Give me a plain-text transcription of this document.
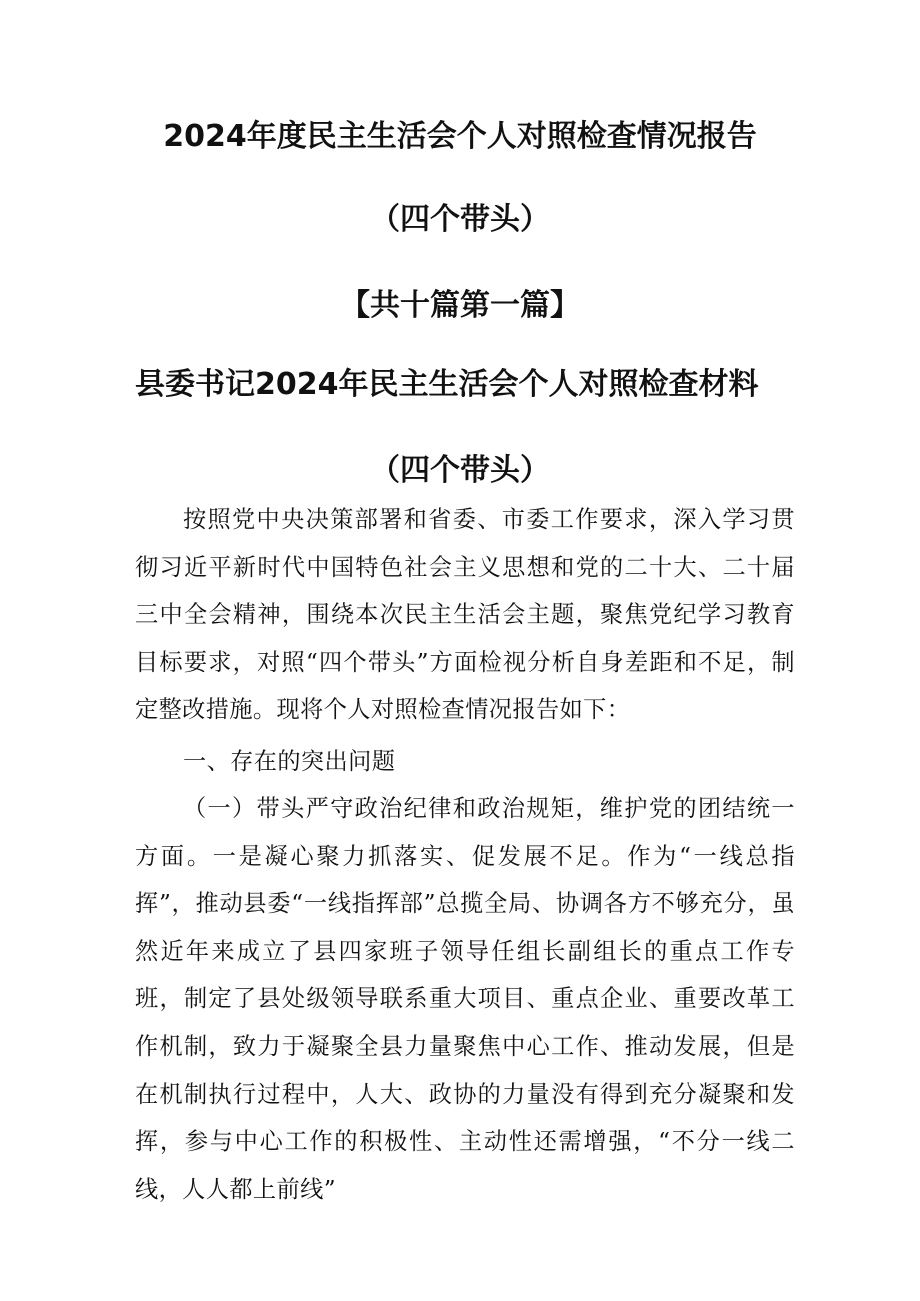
2024年度民主生活会个人对照检查情况报告
（四个带头）
【共十篇第一篇】
县委书记2024年民主生活会个人对照检查材料
（四个带头）

按照党中央决策部署和省委、市委工作要求，深入学习贯彻习近平新时代中国特色社会主义思想和党的二十大、二十届三中全会精神，围绕本次民主生活会主题，聚焦党纪学习教育目标要求，对照“四个带头”方面检视分析自身差距和不足，制定整改措施。现将个人对照检查情况报告如下：

一、存在的突出问题

（一）带头严守政治纪律和政治规矩，维护党的团结统一方面。一是凝心聚力抓落实、促发展不足。作为“一线总指挥”，推动县委“一线指挥部”总揽全局、协调各方不够充分，虽然近年来成立了县四家班子领导任组长副组长的重点工作专班，制定了县处级领导联系重大项目、重点企业、重要改革工作机制，致力于凝聚全县力量聚焦中心工作、推动发展，但是在机制执行过程中，人大、政协的力量没有得到充分凝聚和发挥，参与中心工作的积极性、主动性还需增强，“不分一线二线，人人都上前线”
